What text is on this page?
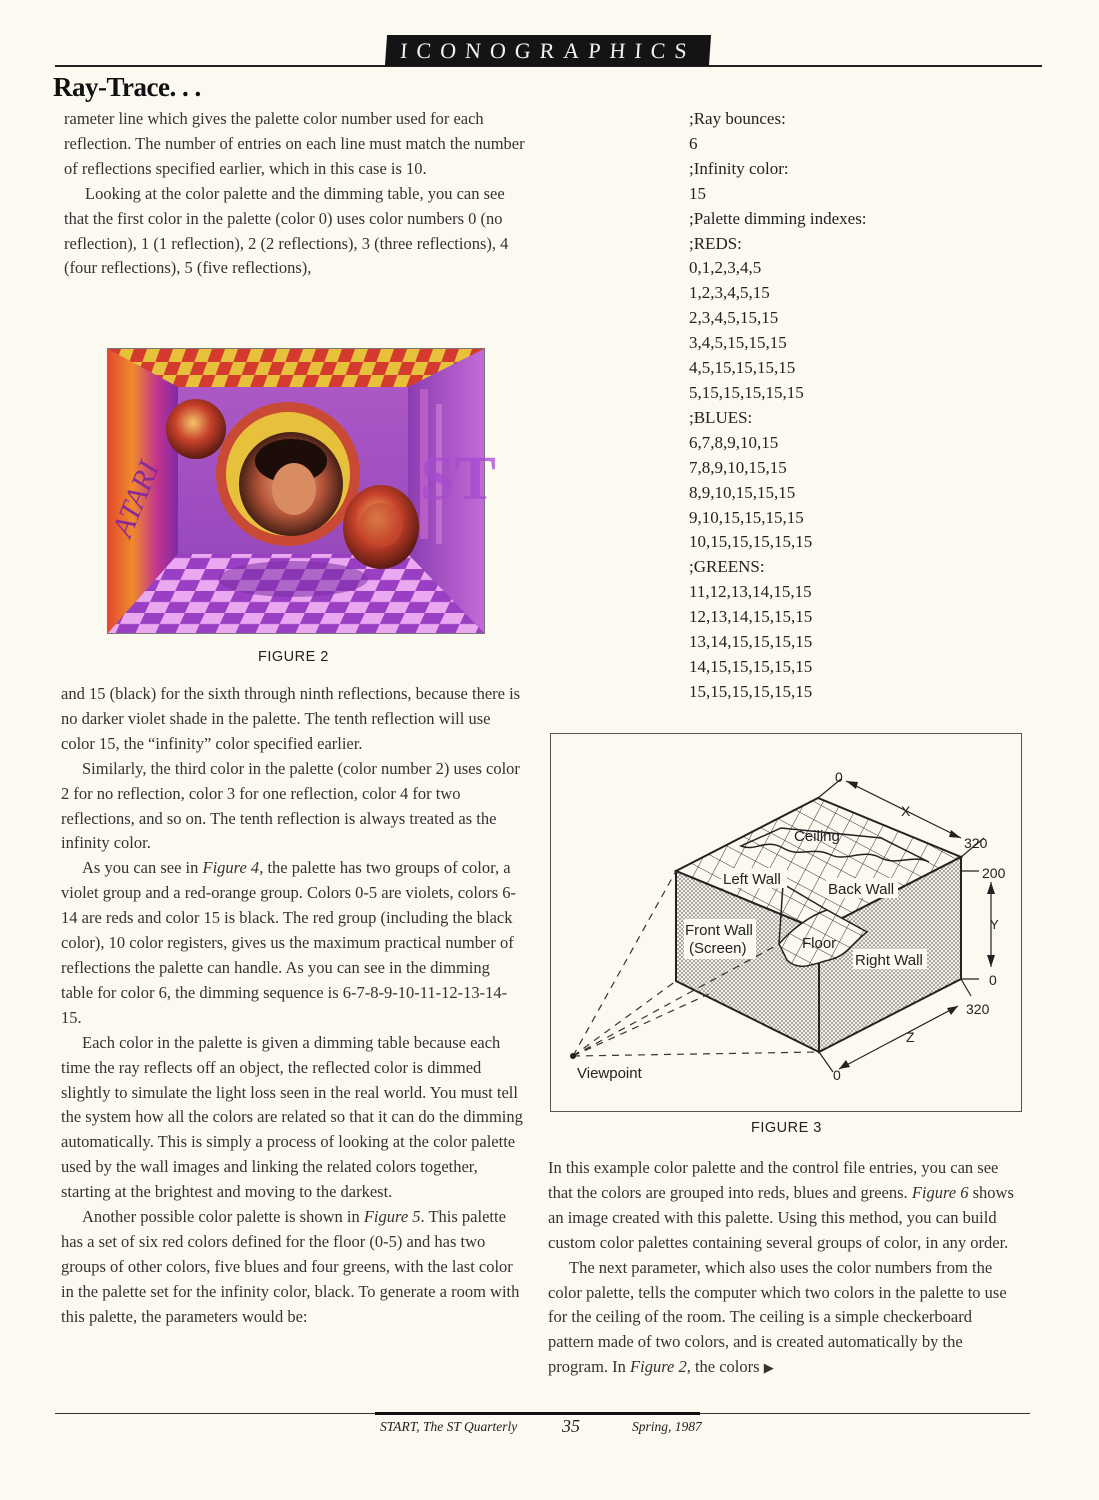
ICONOGRAPHICS
Ray-Trace. . .

rameter line which gives the palette color number used for each reflection. The number of entries on each line must match the number of reflections specified earlier, which in this case is 10.

Looking at the color palette and the dimming table, you can see that the first color in the palette (color 0) uses color numbers 0 (no reflection), 1 (1 reflection), 2 (2 reflections), 3 (three reflections), 4 (four reflections), 5 (five reflections),

ATARI	ST
FIGURE 2

and 15 (black) for the sixth through ninth reflections, because there is no darker violet shade in the palette. The tenth reflection will use color 15, the “infinity” color specified earlier.

Similarly, the third color in the palette (color number 2) uses color 2 for no reflection, color 3 for one reflection, color 4 for two reflections, and so on. The tenth reflection is always treated as the infinity color.

As you can see in Figure 4, the palette has two groups of color, a violet group and a red-orange group. Colors 0-5 are violets, colors 6-14 are reds and color 15 is black. The red group (including the black color), 10 color registers, gives us the maximum practical number of reflections the palette can handle. As you can see in the dimming table for color 6, the dimming sequence is 6-7-8-9-10-11-12-13-14-15.

Each color in the palette is given a dimming table because each time the ray reflects off an object, the reflected color is dimmed slightly to simulate the light loss seen in the real world. You must tell the system how all the colors are related so that it can do the dimming automatically. This is simply a process of looking at the color palette used by the wall images and linking the related colors together, starting at the brightest and moving to the darkest.

Another possible color palette is shown in Figure 5. This palette has a set of six red colors defined for the floor (0-5) and has two groups of other colors, five blues and four greens, with the last color in the palette set for the infinity color, black. To generate a room with this palette, the parameters would be:

;Ray bounces:
6
;Infinity color:
15
;Palette dimming indexes:
;REDS:
0,1,2,3,4,5
1,2,3,4,5,15
2,3,4,5,15,15
3,4,5,15,15,15
4,5,15,15,15,15
5,15,15,15,15,15
;BLUES:
6,7,8,9,10,15
7,8,9,10,15,15
8,9,10,15,15,15
9,10,15,15,15,15
10,15,15,15,15,15
;GREENS:
11,12,13,14,15,15
12,13,14,15,15,15
13,14,15,15,15,15
14,15,15,15,15,15
15,15,15,15,15,15
Ceiling
Left Wall
Back Wall
Front Wall
(Screen)	Floor
Right Wall
Viewpoint
X
Y
Z
0
320
200
0
320
0
FIGURE 3

In this example color palette and the control file entries, you can see that the colors are grouped into reds, blues and greens. Figure 6 shows an image created with this palette. Using this method, you can build custom color palettes containing several groups of color, in any order.

The next parameter, which also uses the color numbers from the color palette, tells the computer which two colors in the palette to use for the ceiling of the room. The ceiling is a simple checkerboard pattern made of two colors, and is created automatically by the program. In Figure 2, the colors ▶

START, The ST Quarterly 35	Spring, 1987
